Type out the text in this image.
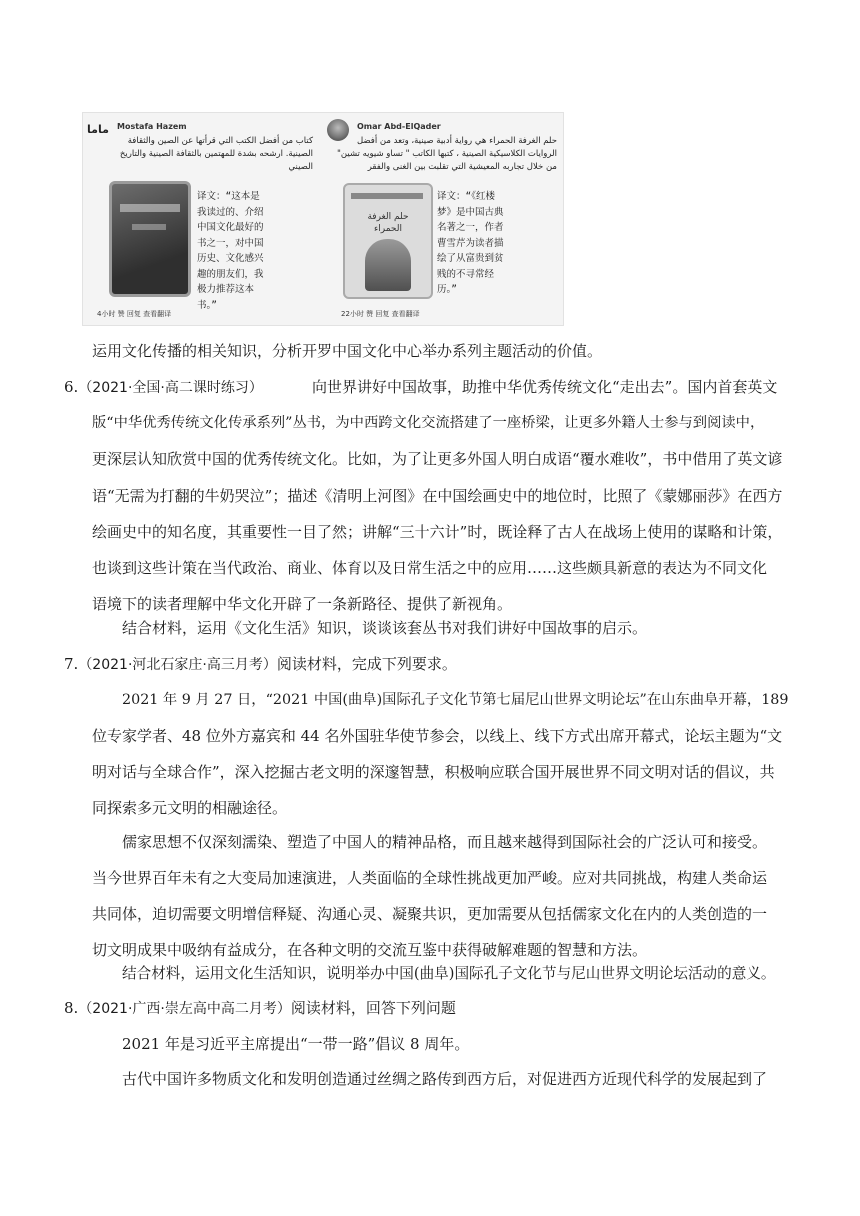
ماما Mostafa Hazem
كتاب من أفضل الكتب التي قرأتها عن الصين والثقافة الصينية. ارشحه بشدة للمهتمين بالثقافة الصينية والتاريخ الصيني
译文：“这本是
我读过的、介绍
中国文化最好的
书之一，对中国
历史、文化感兴
趣的朋友们，我
极力推荐这本
书。”
4小时 赞 回复 查看翻译
Omar Abd-ElQader
حلم الغرفة الحمراء هي رواية أدبية صينية، وتعد من أفضل الروايات الكلاسيكية الصينية ، كتبها الكاتب " تساو شيويه تشين" من خلال تجاربه المعيشية التي تقلبت بين الغنى والفقر
حلم الغرفة الحمراء
译文：“《红楼
梦》是中国古典
名著之一，作者
曹雪芹为读者描
绘了从富贵到贫
贱的不寻常经
历。”
22小时 赞 回复 查看翻译
运用文化传播的相关知识，分析开罗中国文化中心举办系列主题活动的价值。
6.（2021·全国·高二课时练习）	向世界讲好中国故事，助推中华优秀传统文化“走出去”。国内首套英文
版“中华优秀传统文化传承系列”丛书，为中西跨文化交流搭建了一座桥梁，让更多外籍人士参与到阅读中，
更深层认知欣赏中国的优秀传统文化。比如，为了让更多外国人明白成语“覆水难收”，书中借用了英文谚
语“无需为打翻的牛奶哭泣”；描述《清明上河图》在中国绘画史中的地位时，比照了《蒙娜丽莎》在西方
绘画史中的知名度，其重要性一目了然；讲解“三十六计”时，既诠释了古人在战场上使用的谋略和计策，
也谈到这些计策在当代政治、商业、体育以及日常生活之中的应用……这些颇具新意的表达为不同文化
语境下的读者理解中华文化开辟了一条新路径、提供了新视角。
结合材料，运用《文化生活》知识，谈谈该套丛书对我们讲好中国故事的启示。
7.（2021·河北石家庄·高三月考）阅读材料，完成下列要求。
2021 年 9 月 27 日，“2021 中国(曲阜)国际孔子文化节第七届尼山世界文明论坛”在山东曲阜开幕，189
位专家学者、48 位外方嘉宾和 44 名外国驻华使节参会，以线上、线下方式出席开幕式，论坛主题为“文
明对话与全球合作”，深入挖掘古老文明的深邃智慧，积极响应联合国开展世界不同文明对话的倡议，共
同探索多元文明的相融途径。
儒家思想不仅深刻濡染、塑造了中国人的精神品格，而且越来越得到国际社会的广泛认可和接受。
当今世界百年未有之大变局加速演进，人类面临的全球性挑战更加严峻。应对共同挑战，构建人类命运
共同体，迫切需要文明增信释疑、沟通心灵、凝聚共识，更加需要从包括儒家文化在内的人类创造的一
切文明成果中吸纳有益成分，在各种文明的交流互鉴中获得破解难题的智慧和方法。
结合材料，运用文化生活知识，说明举办中国(曲阜)国际孔子文化节与尼山世界文明论坛活动的意义。
8.（2021·广西·崇左高中高二月考）阅读材料，回答下列问题
2021 年是习近平主席提出“一带一路”倡议 8 周年。
古代中国许多物质文化和发明创造通过丝绸之路传到西方后，对促进西方近现代科学的发展起到了
